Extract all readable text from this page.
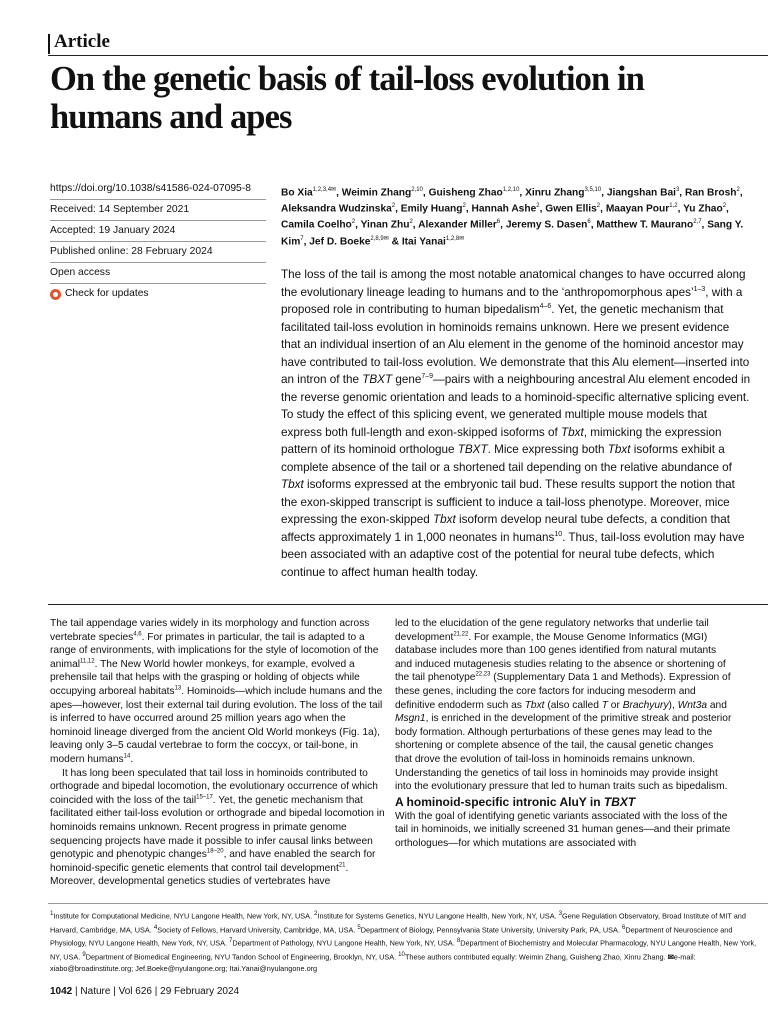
Article
On the genetic basis of tail-loss evolution in humans and apes
https://doi.org/10.1038/s41586-024-07095-8
Received: 14 September 2021
Accepted: 19 January 2024
Published online: 28 February 2024
Open access
Check for updates

Bo Xia$^{1,2,3,4✉}$, Weimin Zhang$^{2,10}$, Guisheng Zhao$^{1,2,10}$, Xinru Zhang$^{3,5,10}$, Jiangshan Bai$^3$, Ran Brosh$^2$, Aleksandra Wudzinska$^2$, Emily Huang$^2$, Hannah Ashe$^2$, Gwen Ellis$^2$, Maayan Pour$^{1,2}$, Yu Zhao$^2$, Camila Coelho$^2$, Yinan Zhu$^2$, Alexander Miller$^6$, Jeremy S. Dasen$^6$, Matthew T. Maurano$^{2,7}$, Sang Y. Kim$^7$, Jef D. Boeke$^{2,8,9✉}$ & Itai Yanai$^{1,2,8✉}$

The loss of the tail is among the most notable anatomical changes to have occurred along the evolutionary lineage leading to humans and to the ‘anthropomorphous apes’$^{1-3}$, with a proposed role in contributing to human bipedalism$^{4-6}$. Yet, the genetic mechanism that facilitated tail-loss evolution in hominoids remains unknown. Here we present evidence that an individual insertion of an Alu element in the genome of the hominoid ancestor may have contributed to tail-loss evolution. We demonstrate that this Alu element—inserted into an intron of the TBXT gene$^{7-9}$—pairs with a neighbouring ancestral Alu element encoded in the reverse genomic orientation and leads to a hominoid-specific alternative splicing event. To study the effect of this splicing event, we generated multiple mouse models that express both full-length and exon-skipped isoforms of Tbxt, mimicking the expression pattern of its hominoid orthologue TBXT. Mice expressing both Tbxt isoforms exhibit a complete absence of the tail or a shortened tail depending on the relative abundance of Tbxt isoforms expressed at the embryonic tail bud. These results support the notion that the exon-skipped transcript is sufficient to induce a tail-loss phenotype. Moreover, mice expressing the exon-skipped Tbxt isoform develop neural tube defects, a condition that affects approximately 1 in 1,000 neonates in humans$^{10}$. Thus, tail-loss evolution may have been associated with an adaptive cost of the potential for neural tube defects, which continue to affect human health today.

The tail appendage varies widely in its morphology and function across vertebrate species$^{4,6}$. For primates in particular, the tail is adapted to a range of environments, with implications for the style of locomotion of the animal$^{11,12}$. The New World howler monkeys, for example, evolved a prehensile tail that helps with the grasping or holding of objects while occupying arboreal habitats$^{13}$. Hominoids—which include humans and the apes—however, lost their external tail during evolution. The loss of the tail is inferred to have occurred around 25 million years ago when the hominoid lineage diverged from the ancient Old World monkeys (Fig. 1a), leaving only 3–5 caudal vertebrae to form the coccyx, or tail-bone, in modern humans$^{14}$.

It has long been speculated that tail loss in hominoids contributed to orthograde and bipedal locomotion, the evolutionary occurrence of which coincided with the loss of the tail$^{15-17}$. Yet, the genetic mechanism that facilitated either tail-loss evolution or orthograde and bipedal locomotion in hominoids remains unknown. Recent progress in primate genome sequencing projects have made it possible to infer causal links between genotypic and phenotypic changes$^{18-20}$, and have enabled the search for hominoid-specific genetic elements that control tail development$^{21}$. Moreover, developmental genetics studies of vertebrates have

led to the elucidation of the gene regulatory networks that underlie tail development$^{21,22}$. For example, the Mouse Genome Informatics (MGI) database includes more than 100 genes identified from natural mutants and induced mutagenesis studies relating to the absence or shortening of the tail phenotype$^{22,23}$ (Supplementary Data 1 and Methods). Expression of these genes, including the core factors for inducing mesoderm and definitive endoderm such as Tbxt (also called T or Brachyury), Wnt3a and Msgn1, is enriched in the development of the primitive streak and posterior body formation. Although perturbations of these genes may lead to the shortening or complete absence of the tail, the causal genetic changes that drove the evolution of tail-loss in hominoids remains unknown. Understanding the genetics of tail loss in hominoids may provide insight into the evolutionary pressure that led to human traits such as bipedalism.

A hominoid-specific intronic AluY in TBXT

With the goal of identifying genetic variants associated with the loss of the tail in hominoids, we initially screened 31 human genes—and their primate orthologues—for which mutations are associated with

$^1$Institute for Computational Medicine, NYU Langone Health, New York, NY, USA. $^2$Institute for Systems Genetics, NYU Langone Health, New York, NY, USA. $^3$Gene Regulation Observatory, Broad Institute of MIT and Harvard, Cambridge, MA, USA. $^4$Society of Fellows, Harvard University, Cambridge, MA, USA. $^5$Department of Biology, Pennsylvania State University, University Park, PA, USA. $^6$Department of Neuroscience and Physiology, NYU Langone Health, New York, NY, USA. $^7$Department of Pathology, NYU Langone Health, New York, NY, USA. $^8$Department of Biochemistry and Molecular Pharmacology, NYU Langone Health, New York, NY, USA. $^9$Department of Biomedical Engineering, NYU Tandon School of Engineering, Brooklyn, NY, USA. $^{10}$These authors contributed equally: Weimin Zhang, Guisheng Zhao, Xinru Zhang. ✉e-mail: xiabo@broadinstitute.org; Jef.Boeke@nyulangone.org; Itai.Yanai@nyulangone.org

1042 | Nature | Vol 626 | 29 February 2024
